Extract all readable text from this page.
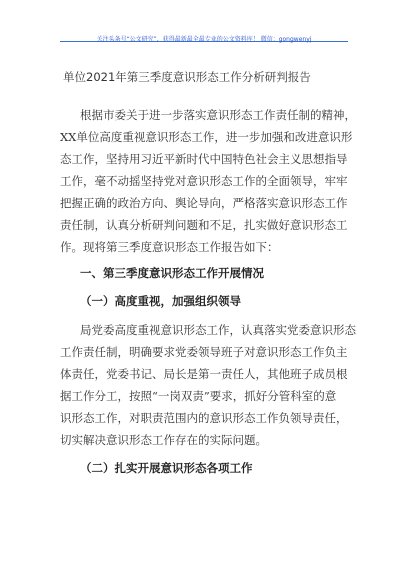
关注头条号“公文研究”，获得最新最全最专业的公文资料库！ 微信：gongwenyj
单位2021年第三季度意识形态工作分析研判报告
根据市委关于进一步落实意识形态工作责任制的精神，
XX单位高度重视意识形态工作，进一步加强和改进意识形
态工作，坚持用习近平新时代中国特色社会主义思想指导
工作，毫不动摇坚持党对意识形态工作的全面领导，牢牢
把握正确的政治方向、舆论导向，严格落实意识形态工作
责任制，认真分析研判问题和不足，扎实做好意识形态工
作。现将第三季度意识形态工作报告如下：
一、第三季度意识形态工作开展情况
（一）高度重视，加强组织领导
局党委高度重视意识形态工作，认真落实党委意识形态
工作责任制，明确要求党委领导班子对意识形态工作负主
体责任，党委书记、局长是第一责任人，其他班子成员根
据工作分工，按照“一岗双责”要求，抓好分管科室的意
识形态工作，对职责范围内的意识形态工作负领导责任，
切实解决意识形态工作存在的实际问题。
（二）扎实开展意识形态各项工作
